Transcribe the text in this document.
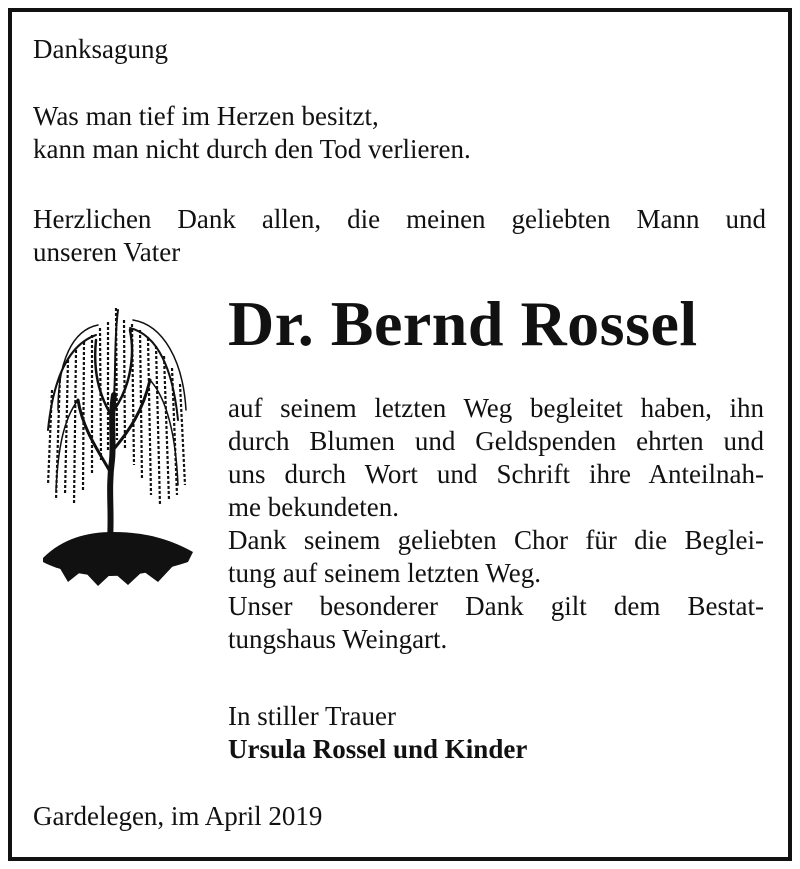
Danksagung
Was man tief im Herzen besitzt,
kann man nicht durch den Tod verlieren.
Herzlichen Dank allen, die meinen geliebten Mann und
unseren Vater
Dr. Bernd Rossel
auf seinem letzten Weg begleitet haben, ihn
durch Blumen und Geldspenden ehrten und
uns durch Wort und Schrift ihre Anteilnah-
me bekundeten.
Dank seinem geliebten Chor für die Beglei-
tung auf seinem letzten Weg.
Unser besonderer Dank gilt dem Bestat-
tungshaus Weingart.
In stiller Trauer
Ursula Rossel und Kinder
Gardelegen, im April 2019
